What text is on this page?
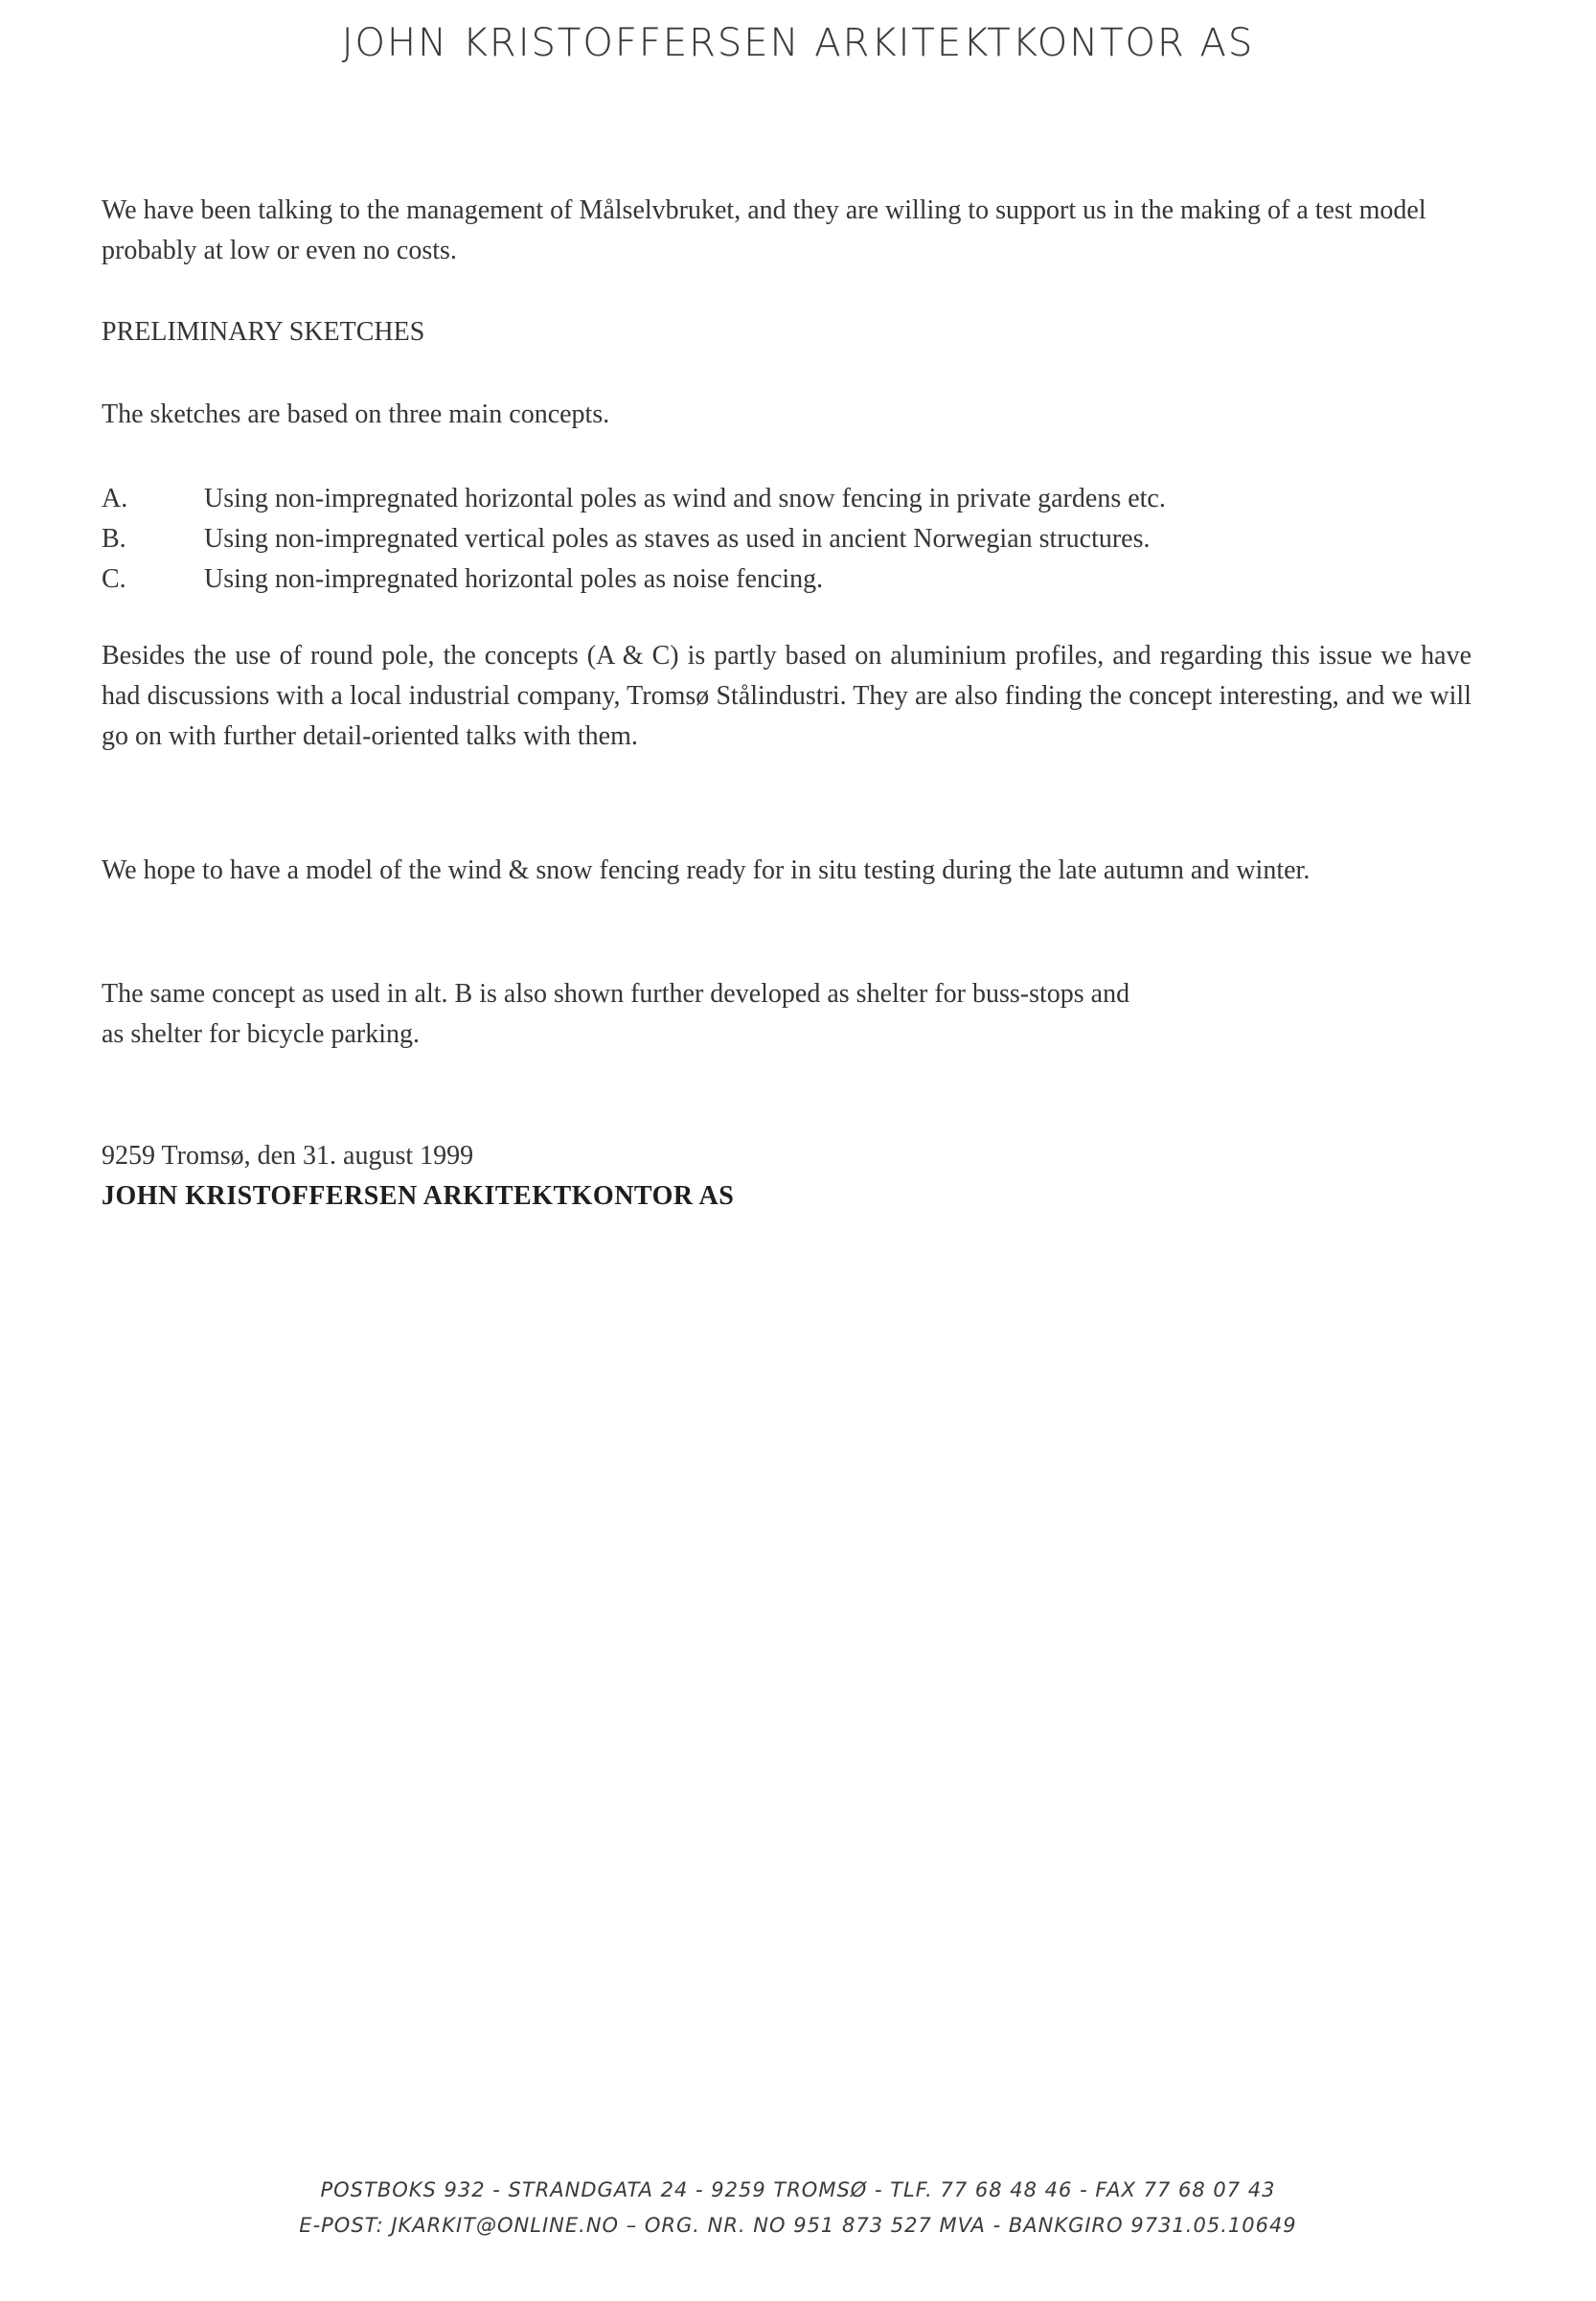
JOHN KRISTOFFERSEN ARKITEKTKONTOR AS

We have been talking to the management of Målselvbruket, and they are willing to support us in the making of a test model probably at low or even no costs.

PRELIMINARY SKETCHES

The sketches are based on three main concepts.

A.	Using non-impregnated horizontal poles as wind and snow fencing in private gardens etc.
B.	Using non-impregnated vertical poles as staves as used in ancient Norwegian structures.
C.	Using non-impregnated horizontal poles as noise fencing.

Besides the use of round pole, the concepts (A & C) is partly based on aluminium profiles, and regarding this issue we have had discussions with a local industrial company, Tromsø Stålindustri. They are also finding the concept interesting, and we will go on with further detail-oriented talks with them.

We hope to have a model of the wind & snow fencing ready for in situ testing during the late autumn and winter.

The same concept as used in alt. B is also shown further developed as shelter for buss-stops and
as shelter for bicycle parking.
9259 Tromsø, den 31. august 1999
JOHN KRISTOFFERSEN ARKITEKTKONTOR AS
POSTBOKS 932 - STRANDGATA 24 - 9259 TROMSØ - TLF. 77 68 48 46 - FAX 77 68 07 43
E-POST: JKARKIT@ONLINE.NO – ORG. NR. NO 951 873 527 MVA - BANKGIRO 9731.05.10649
